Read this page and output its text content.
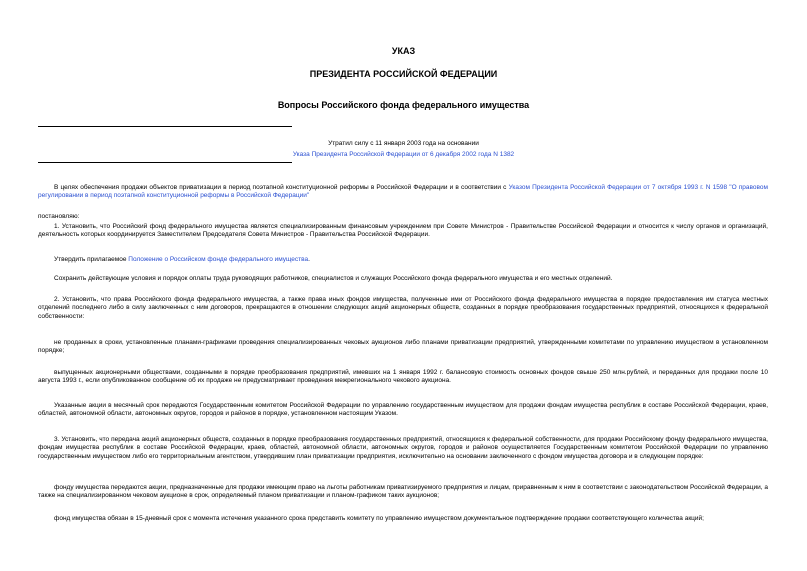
УКАЗ
ПРЕЗИДЕНТА РОССИЙСКОЙ ФЕДЕРАЦИИ
Вопросы Российского фонда федерального имущества
Утратил силу с 11 января 2003 года на основании
Указа Президента Российской Федерации от 6 декабря 2002 года N 1382

В целях обеспечения продажи объектов приватизации в период поэтапной конституционной реформы в Российской Федерации и в соответствии с Указом Президента Российской Федерации от 7 октября 1993 г. N 1598 "О правовом регулировании в период поэтапной конституционной реформы в Российской Федерации"

постановляю:

1. Установить, что Российский фонд федерального имущества является специализированным финансовым учреждением при Совете Министров - Правительстве Российской Федерации и относится к числу органов и организаций, деятельность которых координируется Заместителем Председателя Совета Министров - Правительства Российской Федерации.

Утвердить прилагаемое Положение о Российском фонде федерального имущества.

Сохранить действующие условия и порядок оплаты труда руководящих работников, специалистов и служащих Российского фонда федерального имущества и его местных отделений.

2. Установить, что права Российского фонда федерального имущества, а также права иных фондов имущества, полученные ими от Российского фонда федерального имущества в порядке предоставления им статуса местных отделений последнего либо в силу заключенных с ним договоров, прекращаются в отношении следующих акций акционерных обществ, созданных в порядке преобразования государственных предприятий, относящихся к федеральной собственности:

не проданных в сроки, установленные планами-графиками проведения специализированных чековых аукционов либо планами приватизации предприятий, утвержденными комитетами по управлению имуществом в установленном порядке;

выпущенных акционерными обществами, созданными в порядке преобразования предприятий, имевших на 1 января 1992 г. балансовую стоимость основных фондов свыше 250 млн.рублей, и переданных для продажи после 10 августа 1993 г., если опубликованное сообщение об их продаже не предусматривает проведения межрегионального чекового аукциона.

Указанные акции в месячный срок передаются Государственным комитетом Российской Федерации по управлению государственным имуществом для продажи фондам имущества республик в составе Российской Федерации, краев, областей, автономной области, автономных округов, городов и районов в порядке, установленном настоящим Указом.

3. Установить, что передача акций акционерных обществ, созданных в порядке преобразования государственных предприятий, относящихся к федеральной собственности, для продажи Российскому фонду федерального имущества, фондам имущества республик в составе Российской Федерации, краев, областей, автономной области, автономных округов, городов и районов осуществляется Государственным комитетом Российской Федерации по управлению государственным имуществом либо его территориальным агентством, утвердившим план приватизации предприятия, исключительно на основании заключенного с фондом имущества договора и в следующем порядке:

фонду имущества передаются акции, предназначенные для продажи имеющим право на льготы работникам приватизируемого предприятия и лицам, приравненным к ним в соответствии с законодательством Российской Федерации, а также на специализированном чековом аукционе в срок, определяемый планом приватизации и планом-графиком таких аукционов;

фонд имущества обязан в 15-дневный срок с момента истечения указанного срока представить комитету по управлению имуществом документальное подтверждение продажи соответствующего количества акций;
